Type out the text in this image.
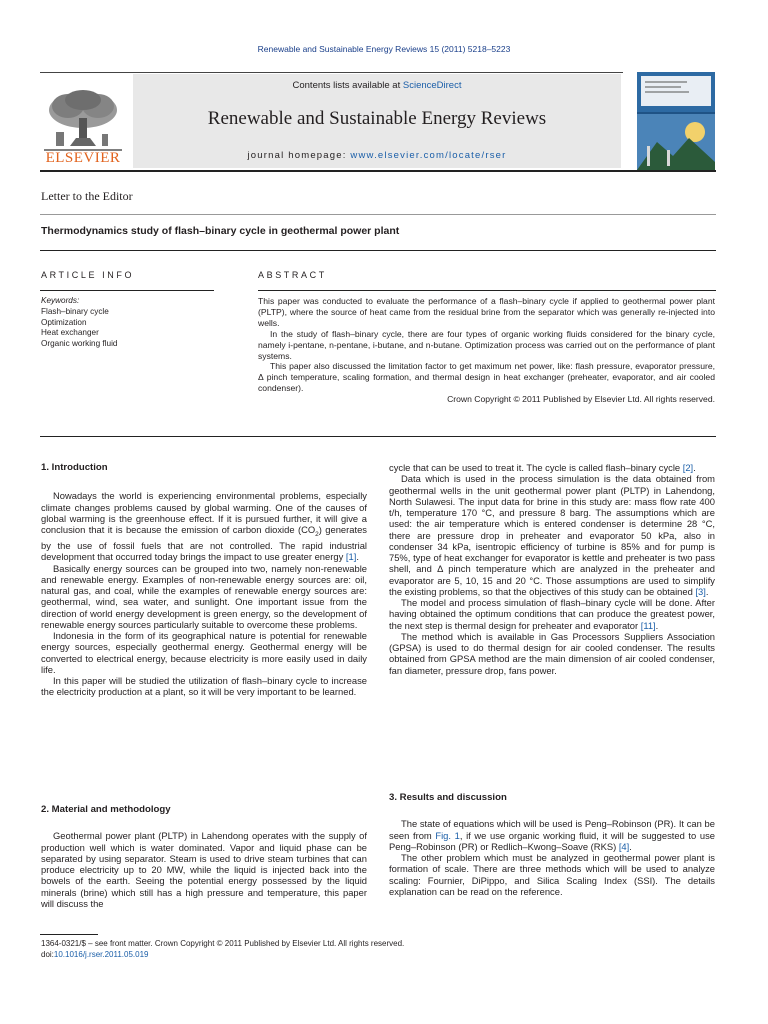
Renewable and Sustainable Energy Reviews 15 (2011) 5218–5223
ELSEVIER
Contents lists available at ScienceDirect
Renewable and Sustainable Energy Reviews
journal homepage: www.elsevier.com/locate/rser
Letter to the Editor
Thermodynamics study of flash–binary cycle in geothermal power plant
ARTICLE INFO	ABSTRACT
Keywords:
Flash–binary cycle
Optimization
Heat exchanger
Organic working fluid

This paper was conducted to evaluate the performance of a flash–binary cycle if applied to geothermal power plant (PLTP), where the source of heat came from the residual brine from the separator which was generally re-injected into wells.

In the study of flash–binary cycle, there are four types of organic working fluids considered for the binary cycle, namely i-pentane, n-pentane, i-butane, and n-butane. Optimization process was carried out on the performance of plant systems.

This paper also discussed the limitation factor to get maximum net power, like: flash pressure, evaporator pressure, Δ pinch temperature, scaling formation, and thermal design in heat exchanger (preheater, evaporator, and air cooled condenser).

Crown Copyright © 2011 Published by Elsevier Ltd. All rights reserved.

1. Introduction

Nowadays the world is experiencing environmental problems, especially climate changes problems caused by global warming. One of the causes of global warming is the greenhouse effect. If it is pursued further, it will give a conclusion that it is because the emission of carbon dioxide $(CO_2)$ generates by the use of fossil fuels that are not controlled. The rapid industrial development that occurred today brings the impact to use greater energy [1].

Basically energy sources can be grouped into two, namely non-renewable and renewable energy. Examples of non-renewable energy sources are: oil, natural gas, and coal, while the examples of renewable energy sources are: geothermal, wind, sea water, and sunlight. One important issue from the direction of world energy development is green energy, so the development of renewable energy sources particularly suitable to overcome these problems.

Indonesia in the form of its geographical nature is potential for renewable energy sources, especially geothermal energy. Geothermal energy will be converted to electrical energy, because electricity is more easily used in daily life.

In this paper will be studied the utilization of flash–binary cycle to increase the electricity production at a plant, so it will be very important to be learned.

2. Material and methodology

Geothermal power plant (PLTP) in Lahendong operates with the supply of production well which is water dominated. Vapor and liquid phase can be separated by using separator. Steam is used to drive steam turbines that can produce electricity up to 20 MW, while the liquid is injected back into the bowels of the earth. Seeing the potential energy possessed by the liquid minerals (brine) which still has a high pressure and temperature, this paper will discuss the

cycle that can be used to treat it. The cycle is called flash–binary cycle [2].

Data which is used in the process simulation is the data obtained from geothermal wells in the unit geothermal power plant (PLTP) in Lahendong, North Sulawesi. The input data for brine in this study are: mass flow rate 400 t/h, temperature 170 °C, and pressure 8 barg. The assumptions which are used: the air temperature which is entered condenser is determine 28 °C, there are pressure drop in preheater and evaporator 50 kPa, also in condenser 34 kPa, isentropic efficiency of turbine is 85% and for pump is 75%, type of heat exchanger for evaporator is kettle and preheater is two pass shell, and Δ pinch temperature which are analyzed in the preheater and evaporator are 5, 10, 15 and 20 °C. Those assumptions are used to simplify the existing problems, so that the objectives of this study can be obtained [3].

The model and process simulation of flash–binary cycle will be done. After having obtained the optimum conditions that can produce the greatest power, the next step is thermal design for preheater and evaporator [11].

The method which is available in Gas Processors Suppliers Association (GPSA) is used to do thermal design for air cooled condenser. The results obtained from GPSA method are the main dimension of air cooled condenser, fan diameter, pressure drop, fans power.

3. Results and discussion

The state of equations which will be used is Peng–Robinson (PR). It can be seen from Fig. 1, if we use organic working fluid, it will be suggested to use Peng–Robinson (PR) or Redlich–Kwong–Soave (RKS) [4].

The other problem which must be analyzed in geothermal power plant is formation of scale. There are three methods which will be used to analyze scaling: Fournier, DiPippo, and Silica Scaling Index (SSI). The details explanation can be read on the reference.

1364-0321/$ – see front matter. Crown Copyright © 2011 Published by Elsevier Ltd. All rights reserved.
doi:10.1016/j.rser.2011.05.019
